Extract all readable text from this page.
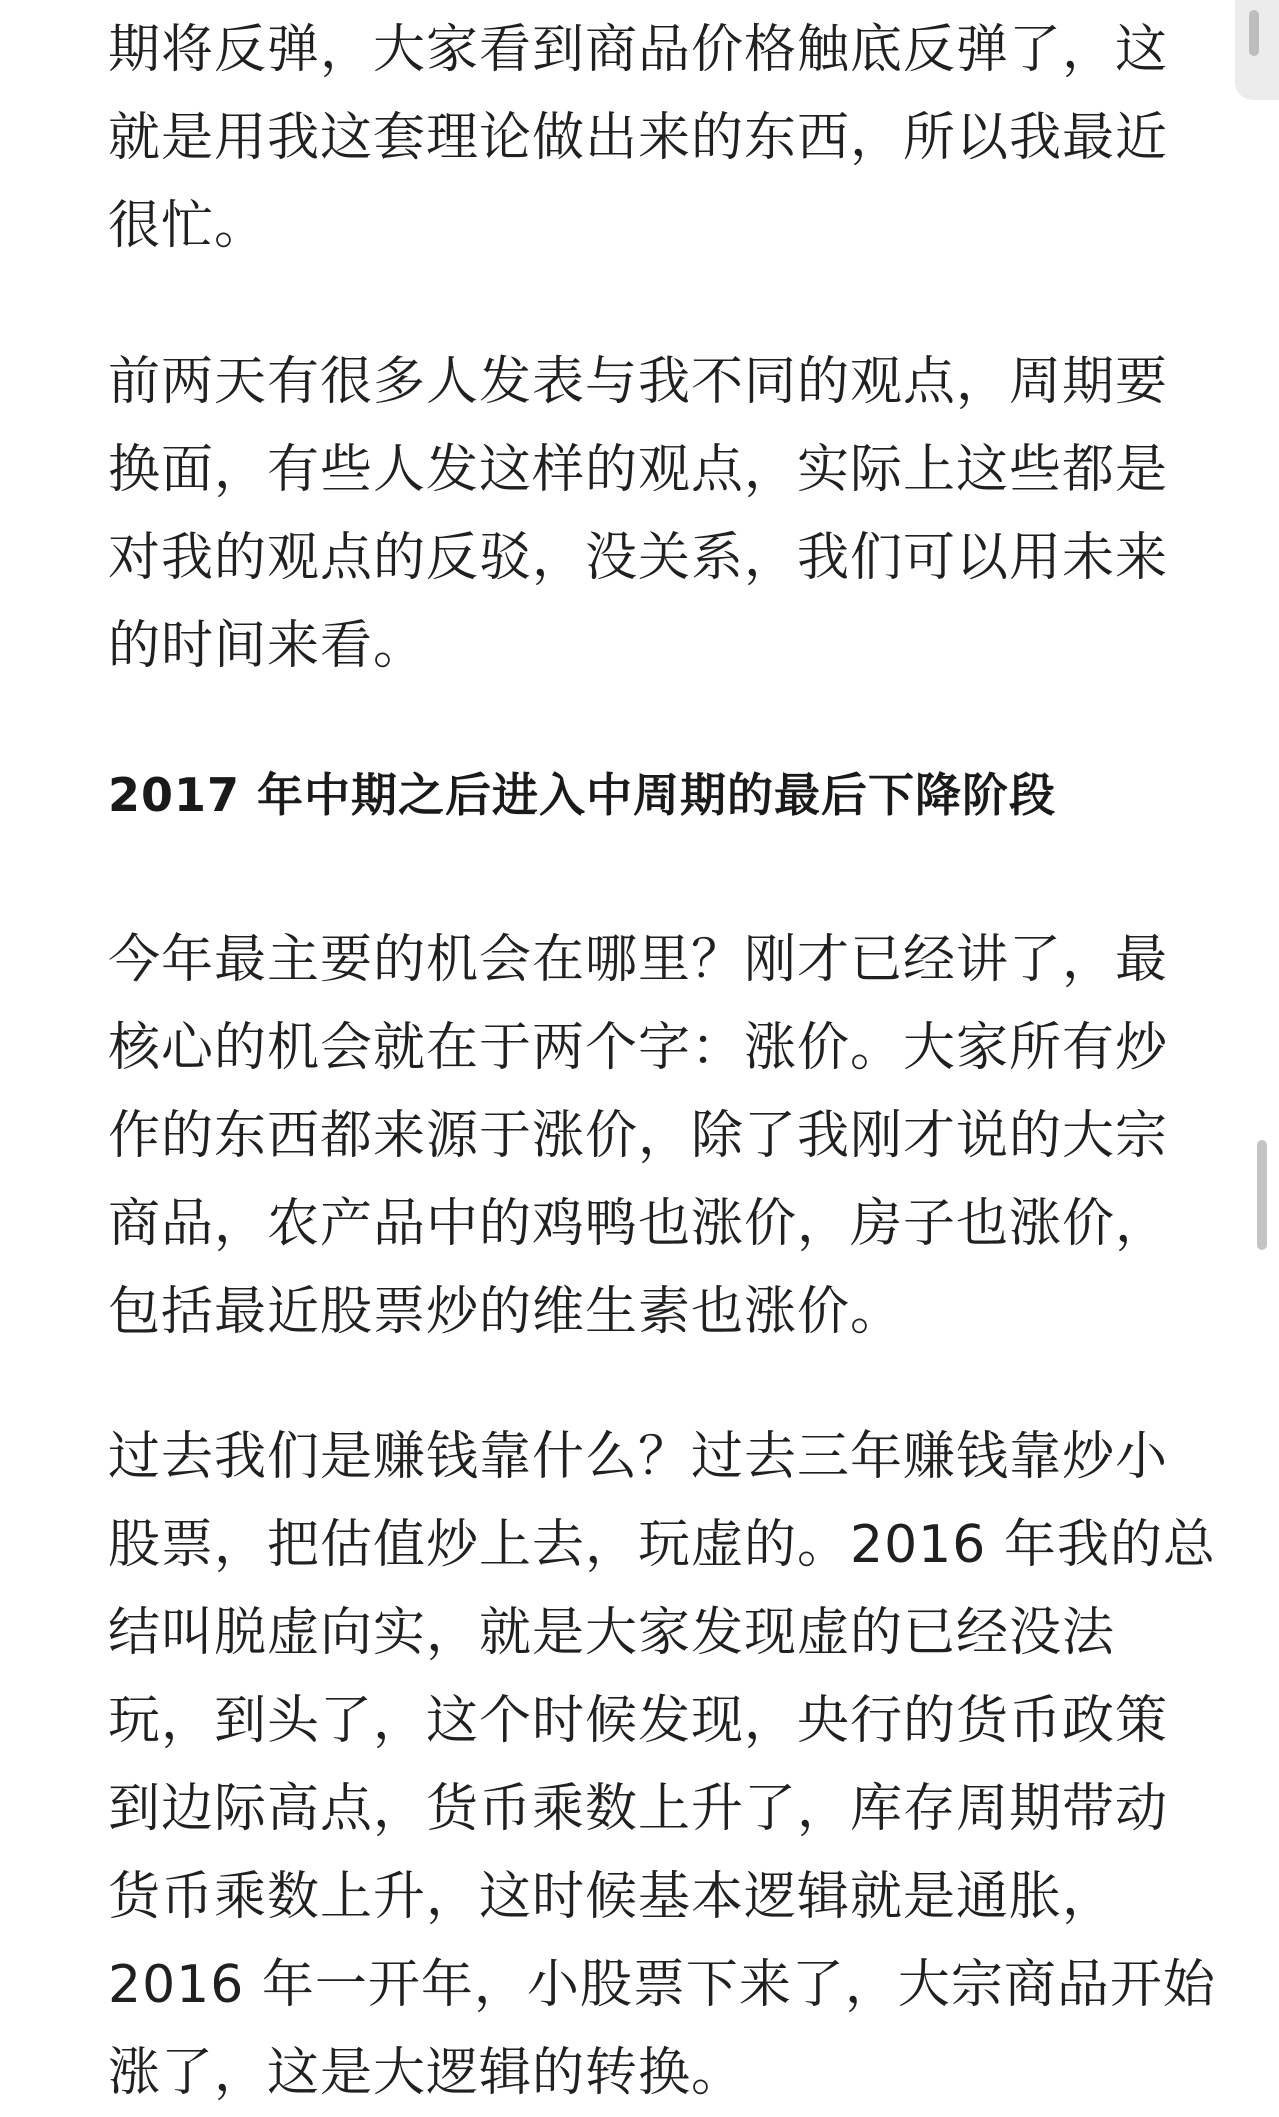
期将反弹，大家看到商品价格触底反弹了，这
就是用我这套理论做出来的东西，所以我最近
很忙。

前两天有很多人发表与我不同的观点，周期要
换面，有些人发这样的观点，实际上这些都是
对我的观点的反驳，没关系，我们可以用未来
的时间来看。

2017 年中期之后进入中周期的最后下降阶段

今年最主要的机会在哪里？刚才已经讲了，最
核心的机会就在于两个字：涨价。大家所有炒
作的东西都来源于涨价，除了我刚才说的大宗
商品，农产品中的鸡鸭也涨价，房子也涨价，
包括最近股票炒的维生素也涨价。

过去我们是赚钱靠什么？过去三年赚钱靠炒小
股票，把估值炒上去，玩虚的。2016 年我的总
结叫脱虚向实，就是大家发现虚的已经没法
玩，到头了，这个时候发现，央行的货币政策
到边际高点，货币乘数上升了，库存周期带动
货币乘数上升，这时候基本逻辑就是通胀，
2016 年一开年，小股票下来了，大宗商品开始
涨了，这是大逻辑的转换。
